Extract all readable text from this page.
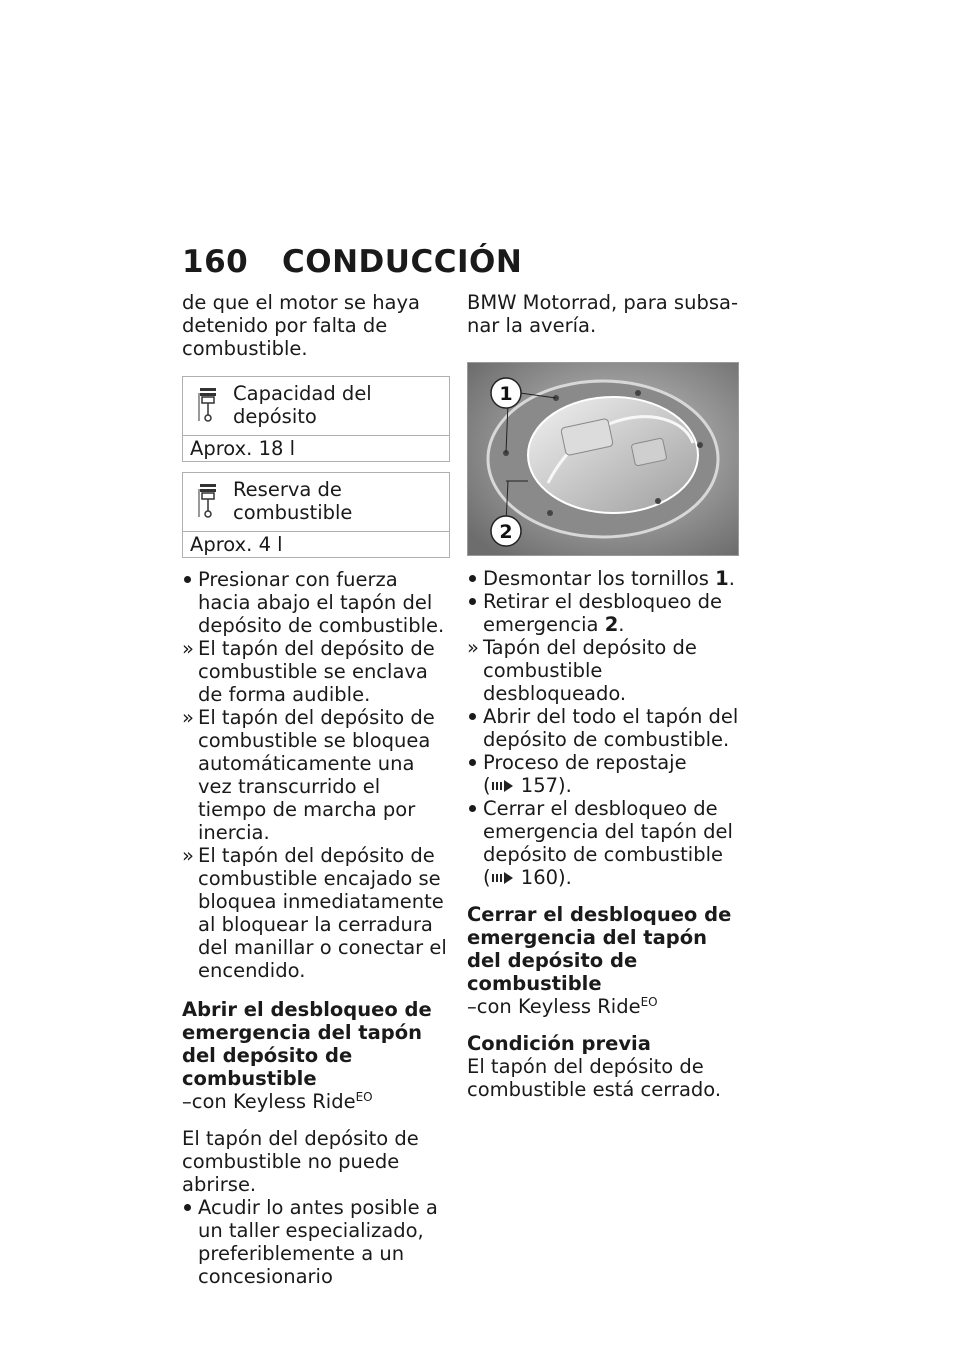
160 CONDUCCIÓN

de que el motor se haya detenido por falta de combustible.

Capacidad del depósito
Aprox. 18 l
Reserva de combustible
Aprox. 4 l
Presionar con fuerza hacia abajo el tapón del depósito de combustible.
» El tapón del depósito de combustible se enclava de forma audible.
» El tapón del depósito de combustible se bloquea automáticamente una vez transcurrido el tiempo de marcha por inercia.
» El tapón del depósito de combustible encajado se bloquea inmediatamente al bloquear la cerradura del manillar o conectar el encendido.

Abrir el desbloqueo de emergencia del tapón del depósito de combustible

–con Keyless Ride$^{EO}$

El tapón del depósito de combustible no puede abrirse.

Acudir lo antes posible a un taller especializado, preferiblemente a un concesionario

BMW Motorrad, para subsanar la avería.

1
2
Desmontar los tornillos 1.
Retirar el desbloqueo de emergencia 2.
» Tapón del depósito de combustible desbloqueado.
Abrir del todo el tapón del depósito de combustible.
Proceso de repostaje
( 157).
Cerrar el desbloqueo de emergencia del tapón del depósito de combustible
( 160).

Cerrar el desbloqueo de emergencia del tapón del depósito de combustible

–con Keyless Ride$^{EO}$

Condición previa

El tapón del depósito de combustible está cerrado.
